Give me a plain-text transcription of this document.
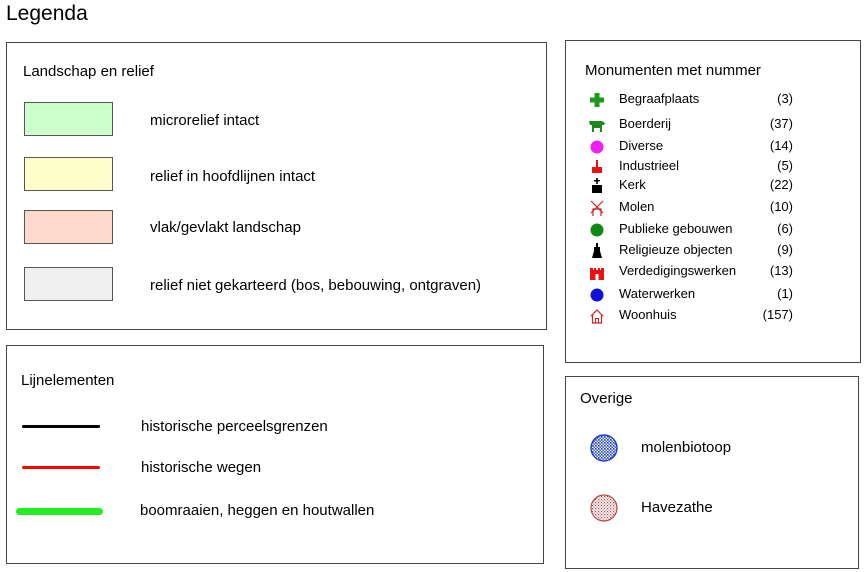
Legenda
Landschap en relief
microrelief intact
relief in hoofdlijnen intact
vlak/gevlakt landschap
relief niet gekarteerd (bos, bebouwing, ontgraven)
Lijnelementen
historische perceelsgrenzen
historische wegen
boomraaien, heggen en houtwallen
Monumenten met nummer
Begraafplaats	(3)
Boerderij	(37)
Diverse	(14)
Industrieel	(5)
Kerk	(22)
Molen	(10)
Publieke gebouwen	(6)
Religieuze objecten	(9)
Verdedigingswerken	(13)
Waterwerken	(1)
Woonhuis	(157)
Overige
molenbiotoop
Havezathe
